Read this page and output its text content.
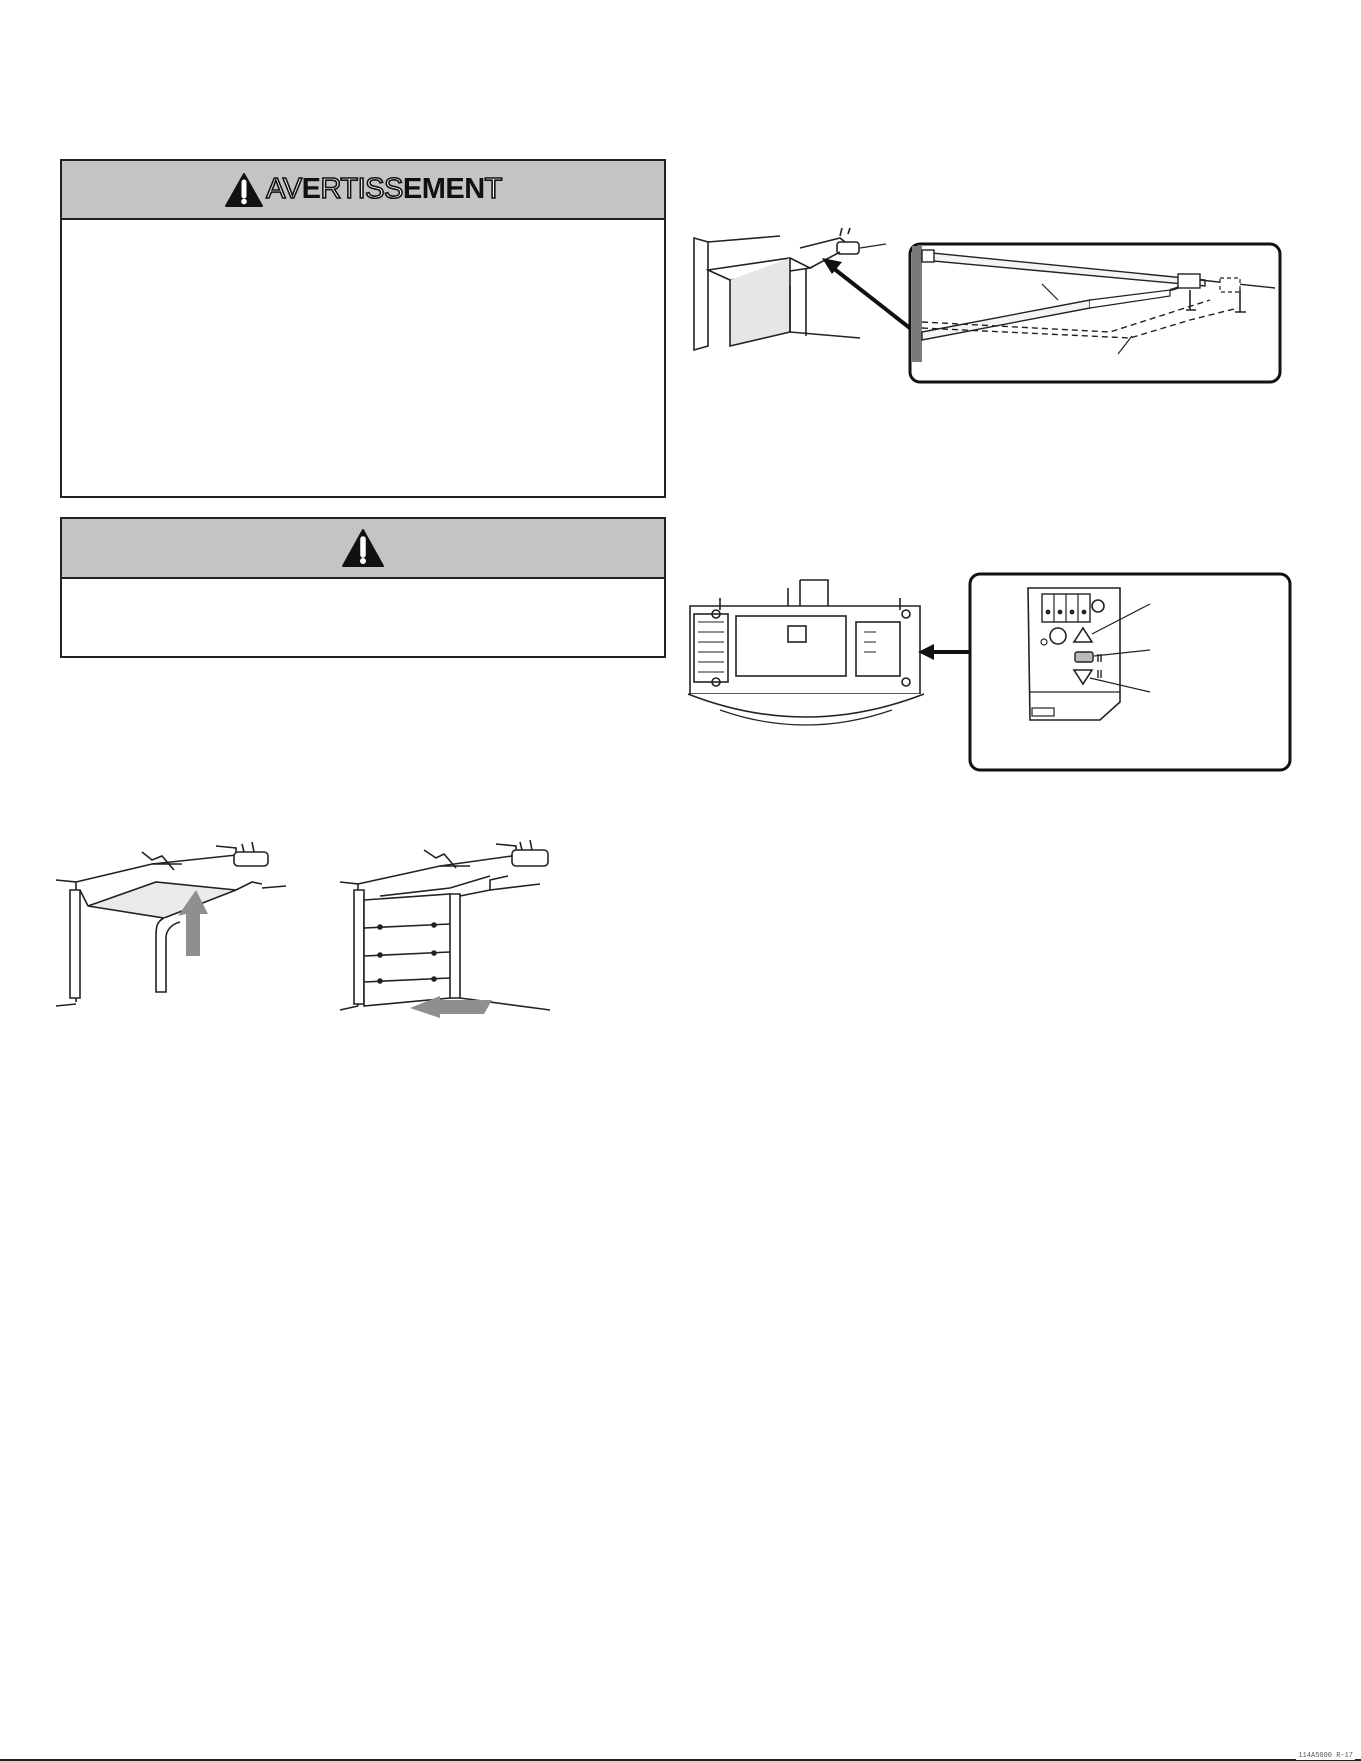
AVERTISSEMENT
114A5000 R-17
